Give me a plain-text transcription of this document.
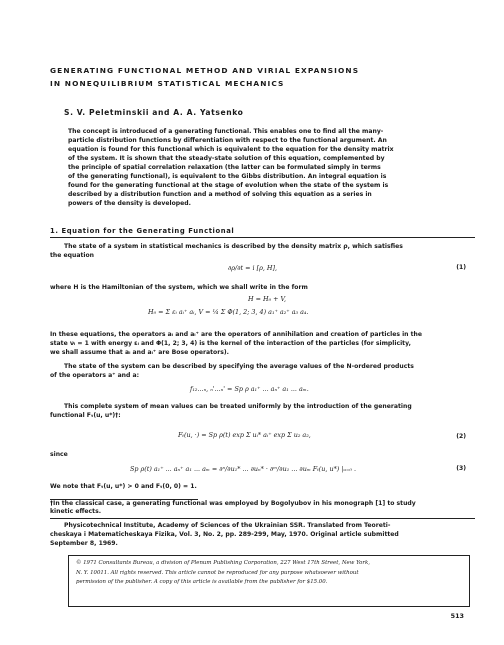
GENERATING FUNCTIONAL METHOD AND VIRIAL EXPANSIONS
IN NONEQUILIBRIUM STATISTICAL MECHANICS
S. V. Peletminskii and A. A. Yatsenko
The concept is introduced of a generating functional. This enables one to find all the many-
particle distribution functions by differentiation with respect to the functional argument. An
equation is found for this functional which is equivalent to the equation for the density matrix
of the system. It is shown that the steady-state solution of this equation, complemented by
the principle of spatial correlation relaxation (the latter can be formulated simply in terms
of the generating functional), is equivalent to the Gibbs distribution. An integral equation is
found for the generating functional at the stage of evolution when the state of the system is
described by a distribution function and a method of solving this equation as a series in
powers of the density is developed.
1. Equation for the Generating Functional
The state of a system in statistical mechanics is described by the density matrix ρ, which satisfies
the equation
∂ρ/∂t = i [ρ, H],	(1)
where H is the Hamiltonian of the system, which we shall write in the form
H = H₀ + V,
H₀ = Σ εᵢ aᵢ⁺ aᵢ, V = ¼ Σ Φ(1, 2; 3, 4) a₁⁺ a₂⁺ a₃ a₄.
In these equations, the operators aᵢ and aᵢ⁺ are the operators of annihilation and creation of particles in the
state νᵢ = 1 with energy εᵢ and Φ(1, 2; 3, 4) is the kernel of the interaction of the particles (for simplicity,
we shall assume that aᵢ and aᵢ⁺ are Bose operators).
The state of the system can be described by specifying the average values of the N-ordered products
of the operators a⁺ and a:
f₁₂...ₙ, ₙ'...ₙ' = Sp ρ a₁⁺ ... aₙ⁺ a₁ ... aₘ.
This complete system of mean values can be treated uniformly by the introduction of the generating
functional Fₜ(u, u*)†:
Fₜ(u, ·) = Sp ρ(t) exp Σ uᵢ* aᵢ⁺ exp Σ u₂ a₂,	(2)
since
Sp ρ(t) a₁⁺ ... aₙ⁺ a₁ ... aₘ = ∂ⁿ/∂u₁* ... ∂uₙ* · ∂ᵐ/∂u₁ ... ∂uₘ Fₜ(u, u*) |ᵤ₌₀ .	(3)
We note that Fₜ(u, u*) > 0 and Fₜ(0, 0) = 1.
†In the classical case, a generating functional was employed by Bogolyubov in his monograph [1] to study
kinetic effects.
Physicotechnical Institute, Academy of Sciences of the Ukrainian SSR. Translated from Teoreti-
cheskaya i Matematicheskaya Fizika, Vol. 3, No. 2, pp. 289-299, May, 1970. Original article submitted
September 8, 1969.
© 1971 Consultants Bureau, a division of Plenum Publishing Corporation, 227 West 17th Street, New York,
N. Y. 10011. All rights reserved. This article cannot be reproduced for any purpose whatsoever without
permission of the publisher. A copy of this article is available from the publisher for $15.00.
513
